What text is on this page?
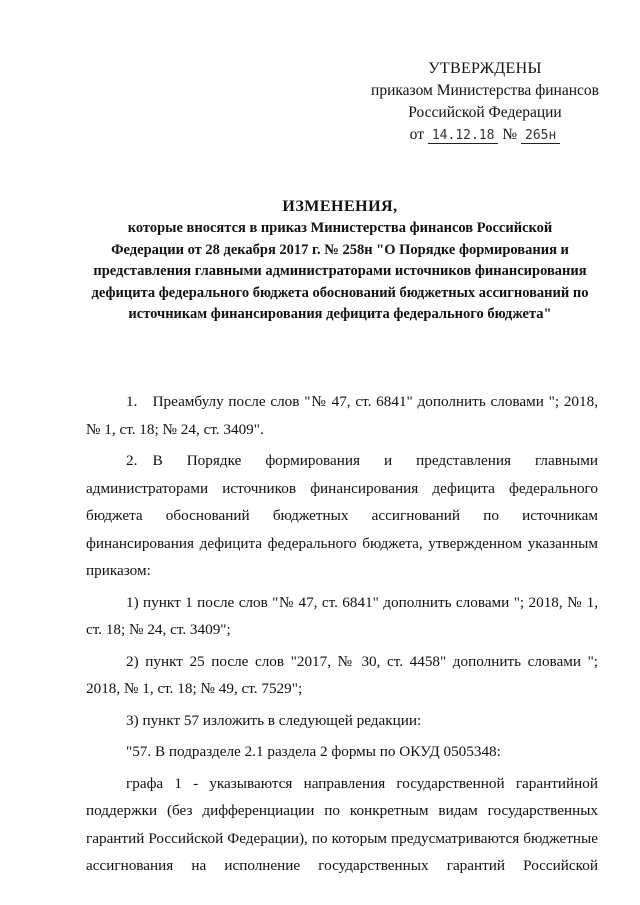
УТВЕРЖДЕНЫ
приказом Министерства финансов
Российской Федерации
от 14.12.18 № 265н
ИЗМЕНЕНИЯ,
которые вносятся в приказ Министерства финансов Российской Федерации от 28 декабря 2017 г. № 258н "О Порядке формирования и представления главными администраторами источников финансирования дефицита федерального бюджета обоснований бюджетных ассигнований по источникам финансирования дефицита федерального бюджета"

1. Преамбулу после слов "№ 47, ст. 6841" дополнить словами "; 2018, № 1, ст. 18; № 24, ст. 3409".

2. В Порядке формирования и представления главными администраторами источников финансирования дефицита федерального бюджета обоснований бюджетных ассигнований по источникам финансирования дефицита федерального бюджета, утвержденном указанным приказом:

1) пункт 1 после слов "№ 47, ст. 6841" дополнить словами "; 2018, № 1, ст. 18; № 24, ст. 3409";

2) пункт 25 после слов "2017, № 30, ст. 4458" дополнить словами "; 2018, № 1, ст. 18; № 49, ст. 7529";

3) пункт 57 изложить в следующей редакции:

"57. В подразделе 2.1 раздела 2 формы по ОКУД 0505348:

графа 1 - указываются направления государственной гарантийной поддержки (без дифференциации по конкретным видам государственных гарантий Российской Федерации), по которым предусматриваются бюджетные ассигнования на исполнение государственных гарантий Российской
